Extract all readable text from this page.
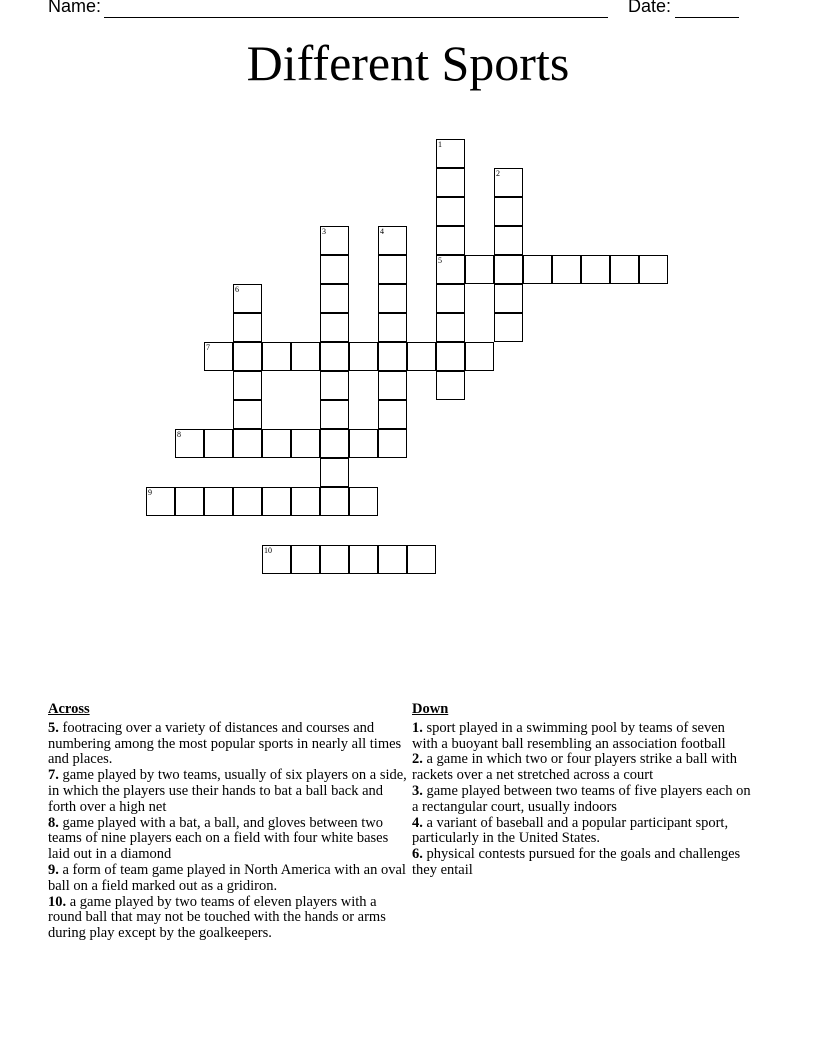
Name:	Date:
Different Sports
1
5
2
3	4
6
7
8
9
10
Across

5. footracing over a variety of distances and courses and numbering among the most popular sports in nearly all times and places.

7. game played by two teams, usually of six players on a side, in which the players use their hands to bat a ball back and forth over a high net

8. game played with a bat, a ball, and gloves between two teams of nine players each on a field with four white bases laid out in a diamond

9. a form of team game played in North America with an oval ball on a field marked out as a gridiron.

10. a game played by two teams of eleven players with a round ball that may not be touched with the hands or arms during play except by the goalkeepers.

Down

1. sport played in a swimming pool by teams of seven with a buoyant ball resembling an association football

2. a game in which two or four players strike a ball with rackets over a net stretched across a court

3. game played between two teams of five players each on a rectangular court, usually indoors

4. a variant of baseball and a popular participant sport, particularly in the United States.

6. physical contests pursued for the goals and challenges they entail
